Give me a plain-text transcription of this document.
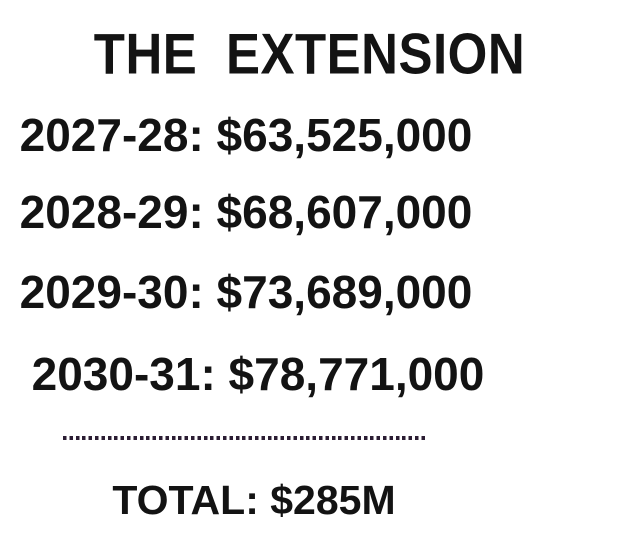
THE EXTENSION
2027-28: $63,525,000
2028-29: $68,607,000
2029-30: $73,689,000
2030-31: $78,771,000
TOTAL: $285M
